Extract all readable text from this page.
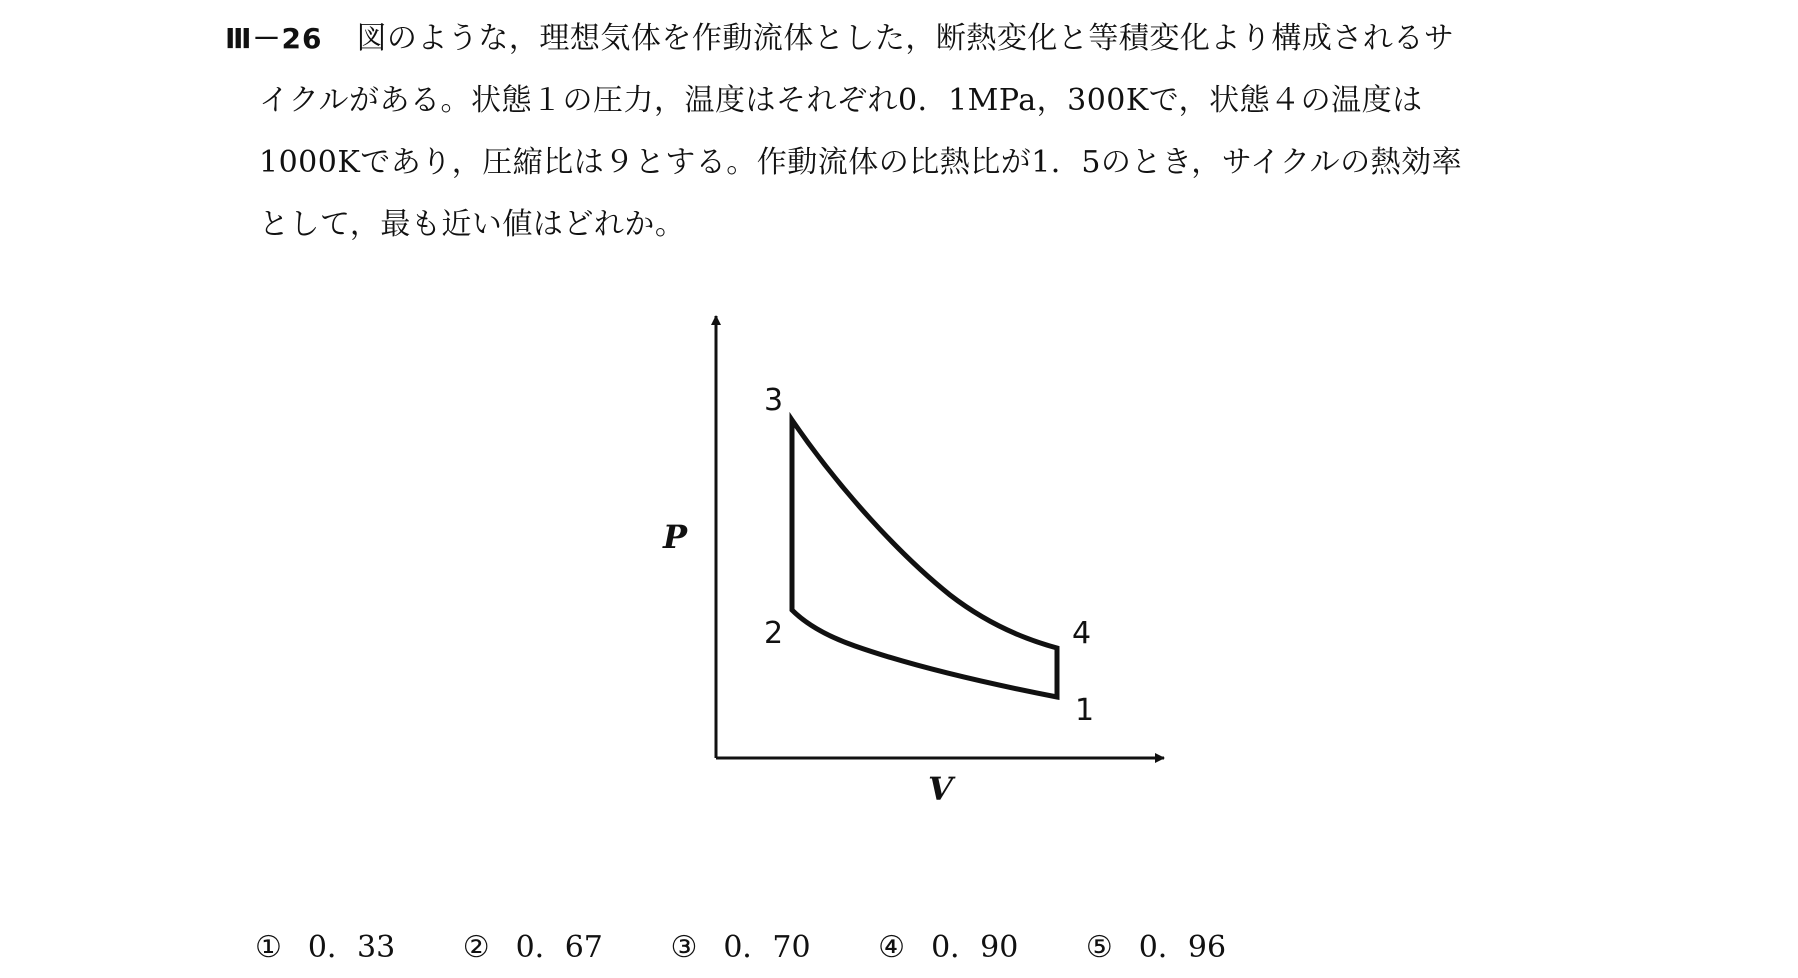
Ⅲ－26 図のような，理想気体を作動流体とした，断熱変化と等積変化より構成されるサ
イクルがある。状態１の圧力，温度はそれぞれ0．1MPa，300Kで，状態４の温度は
1000Kであり，圧縮比は９とする。作動流体の比熱比が1．5のとき，サイクルの熱効率
として，最も近い値はどれか。
P
V
1
2
3
4
① 0．33 ② 0．67 ③ 0．70 ④ 0．90 ⑤ 0．96
